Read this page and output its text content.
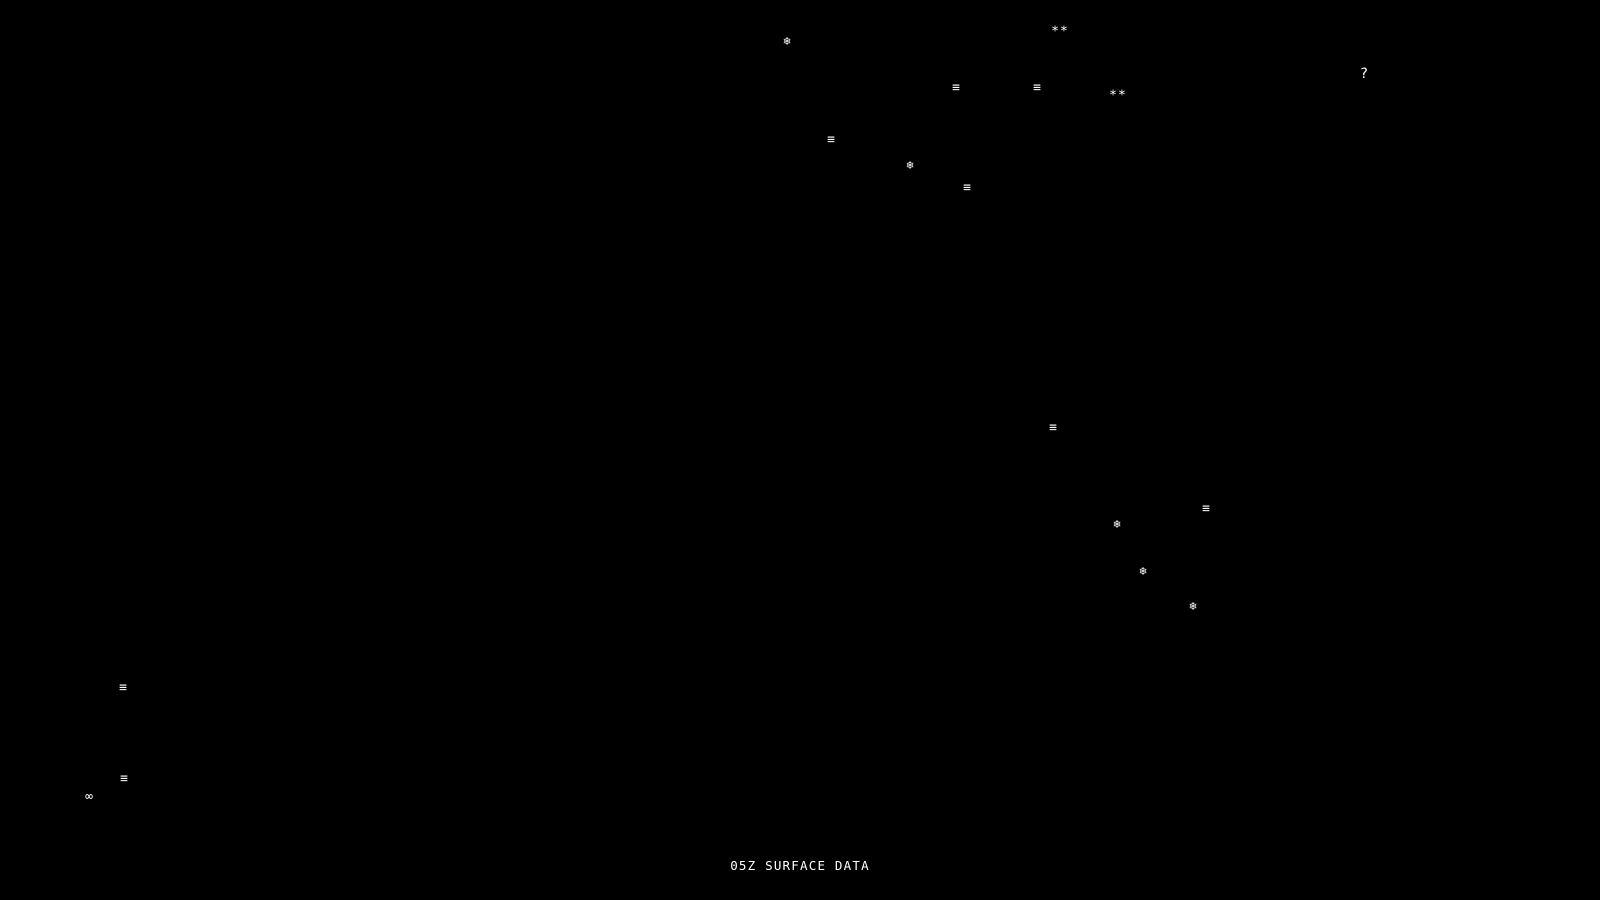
❄
∗∗
?
≡	≡	∗∗
≡
❄
≡
≡
≡
❄
❄
❄
≡
≡
∞
05Z SURFACE DATA
